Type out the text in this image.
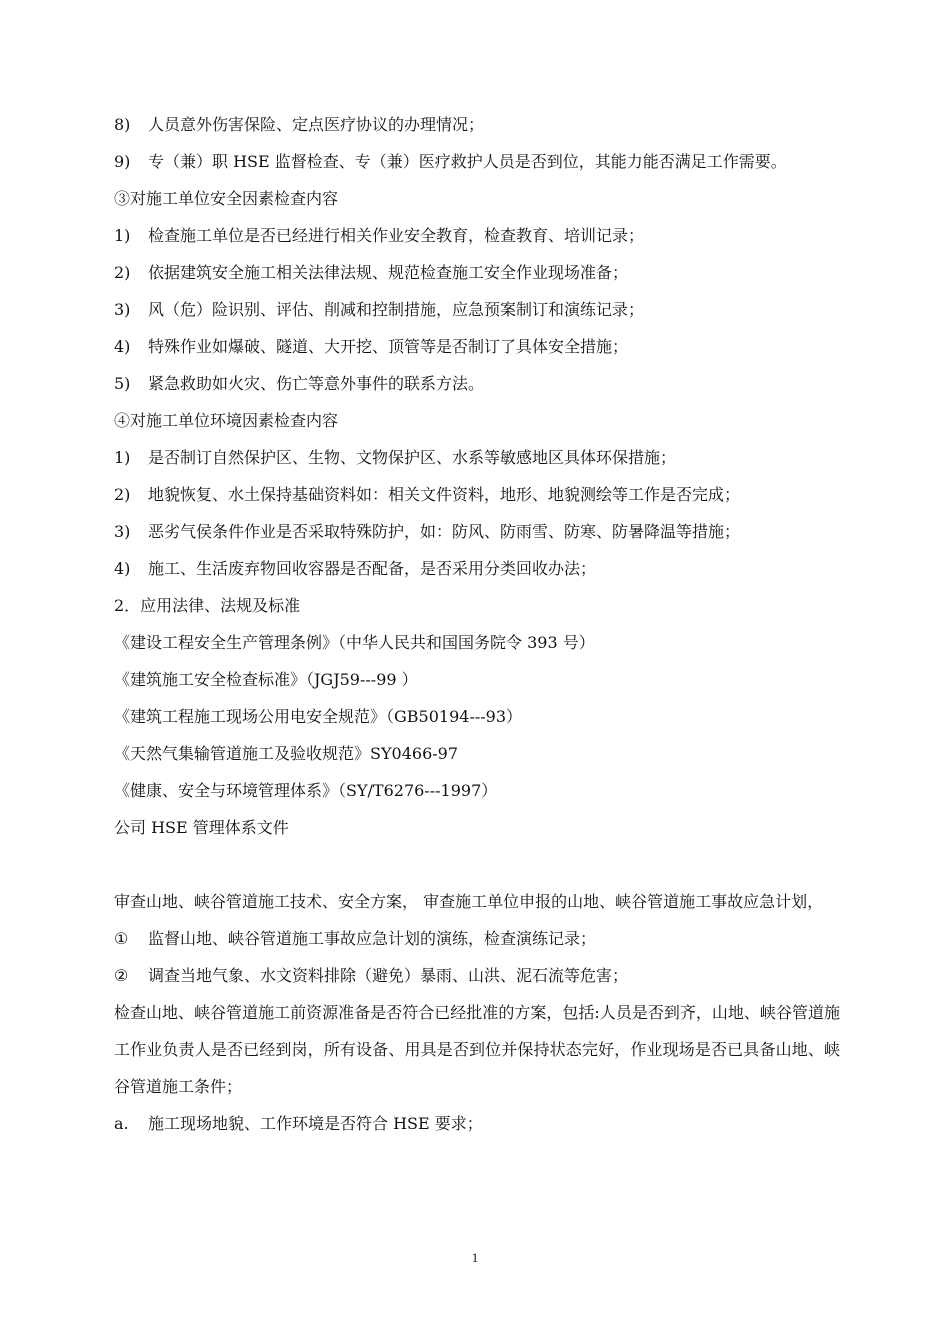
8)	人员意外伤害保险、定点医疗协议的办理情况；
9) 专（兼）职 HSE 监督检查、专（兼）医疗救护人员是否到位，其能力能否满足工作需要。
③对施工单位安全因素检查内容
1)	检查施工单位是否已经进行相关作业安全教育，检查教育、培训记录；
2)	依据建筑安全施工相关法律法规、规范检查施工安全作业现场准备；
3)	风（危）险识别、评估、削减和控制措施，应急预案制订和演练记录；
4)	特殊作业如爆破、隧道、大开挖、顶管等是否制订了具体安全措施；
5)	紧急救助如火灾、伤亡等意外事件的联系方法。
④对施工单位环境因素检查内容
1)	是否制订自然保护区、生物、文物保护区、水系等敏感地区具体环保措施；
2)	地貌恢复、水土保持基础资料如：相关文件资料，地形、地貌测绘等工作是否完成；
3)	恶劣气侯条件作业是否采取特殊防护，如：防风、防雨雪、防寒、防暑降温等措施；
4)	施工、生活废弃物回收容器是否配备，是否采用分类回收办法；
2．应用法律、法规及标准
《建设工程安全生产管理条例》（中华人民共和国国务院令 393 号）
《建筑施工安全检查标准》（JGJ59---99 ）
《建筑工程施工现场公用电安全规范》（GB50194---93）
《天然气集输管道施工及验收规范》SY0466-97
《健康、安全与环境管理体系》（SY/T6276---1997）
公司 HSE 管理体系文件
审查山地、峡谷管道施工技术、安全方案， 审查施工单位申报的山地、峡谷管道施工事故应急计划，
①	监督山地、峡谷管道施工事故应急计划的演练，检查演练记录；
②	调查当地气象、水文资料排除（避免）暴雨、山洪、泥石流等危害；
检查山地、峡谷管道施工前资源准备是否符合已经批准的方案，包括:人员是否到齐，山地、峡谷管道施工作业负责人是否已经到岗，所有设备、用具是否到位并保持状态完好，作业现场是否已具备山地、峡谷管道施工条件；
a.	施工现场地貌、工作环境是否符合 HSE 要求；
1
